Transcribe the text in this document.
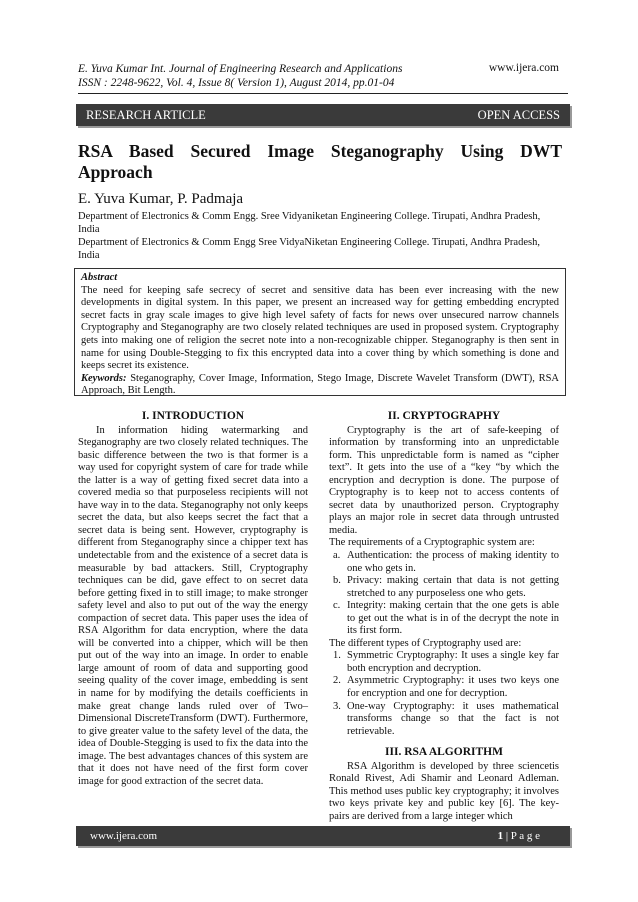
E. Yuva Kumar Int. Journal of Engineering Research and Applications
ISSN : 2248-9622, Vol. 4, Issue 8( Version 1), August 2014, pp.01-04
www.ijera.com
RESEARCH ARTICLE	OPEN ACCESS
RSA Based Secured Image Steganography Using DWT Approach
E. Yuva Kumar, P. Padmaja
Department of Electronics & Comm Engg. Sree Vidyaniketan Engineering College. Tirupati, Andhra Pradesh, India
Department of Electronics & Comm Engg Sree VidyaNiketan Engineering College. Tirupati, Andhra Pradesh, India
Abstract
The need for keeping safe secrecy of secret and sensitive data has been ever increasing with the new developments in digital system. In this paper, we present an increased way for getting embedding encrypted secret facts in gray scale images to give high level safety of facts for news over unsecured narrow channels Cryptography and Steganography are two closely related techniques are used in proposed system. Cryptography gets into making one of religion the secret note into a non-recognizable chipper. Steganography is then sent in name for using Double-Stegging to fix this encrypted data into a cover thing by which something is done and keeps secret its existence.
Keywords: Steganography, Cover Image, Information, Stego Image, Discrete Wavelet Transform (DWT), RSA Approach, Bit Length.
I. INTRODUCTION

In information hiding watermarking and Steganography are two closely related techniques. The basic difference between the two is that former is a way used for copyright system of care for trade while the latter is a way of getting fixed secret data into a covered media so that purposeless recipients will not have way in to the data. Steganography not only keeps secret the data, but also keeps secret the fact that a secret data is being sent. However, cryptography is different from Steganography since a chipper text has undetectable from and the existence of a secret data is measurable by bad attackers. Still, Cryptography techniques can be did, gave effect to on secret data before getting fixed in to still image; to make stronger safety level and also to put out of the way the energy compaction of secret data. This paper uses the idea of RSA Algorithm for data encryption, where the data will be converted into a chipper, which will be then put out of the way into an image. In order to enable large amount of room of data and supporting good seeing quality of the cover image, embedding is sent in name for by modifying the details coefficients in make great change lands ruled over of Two–Dimensional DiscreteTransform (DWT). Furthermore, to give greater value to the safety level of the data, the idea of Double-Stegging is used to fix the data into the image. The best advantages chances of this system are that it does not have need of the first form cover image for good extraction of the secret data.

II. CRYPTOGRAPHY

Cryptography is the art of safe-keeping of information by transforming into an unpredictable form. This unpredictable form is named as “cipher text”. It gets into the use of a “key “by which the encryption and decryption is done. The purpose of Cryptography is to keep not to access contents of secret data by unauthorized person. Cryptography plays an major role in secret data through untrusted media.

The requirements of a Cryptographic system are:

a. Authentication: the process of making identity to one who gets in.
b. Privacy: making certain that data is not getting stretched to any purposeless one who gets.
c. Integrity: making certain that the one gets is able to get out the what is in of the decrypt the note in its first form.

The different types of Cryptography used are:

1. Symmetric Cryptography: It uses a single key far both encryption and decryption.
2. Asymmetric Cryptography: it uses two keys one for encryption and one for decryption.
3. One-way Cryptography: it uses mathematical transforms change so that the fact is not retrievable.
III. RSA ALGORITHM

RSA Algorithm is developed by three sciencetis Ronald Rivest, Adi Shamir and Leonard Adleman. This method uses public key cryptography; it involves two keys private key and public key [6]. The key- pairs are derived from a large integer which

www.ijera.com	1 | P a g e
